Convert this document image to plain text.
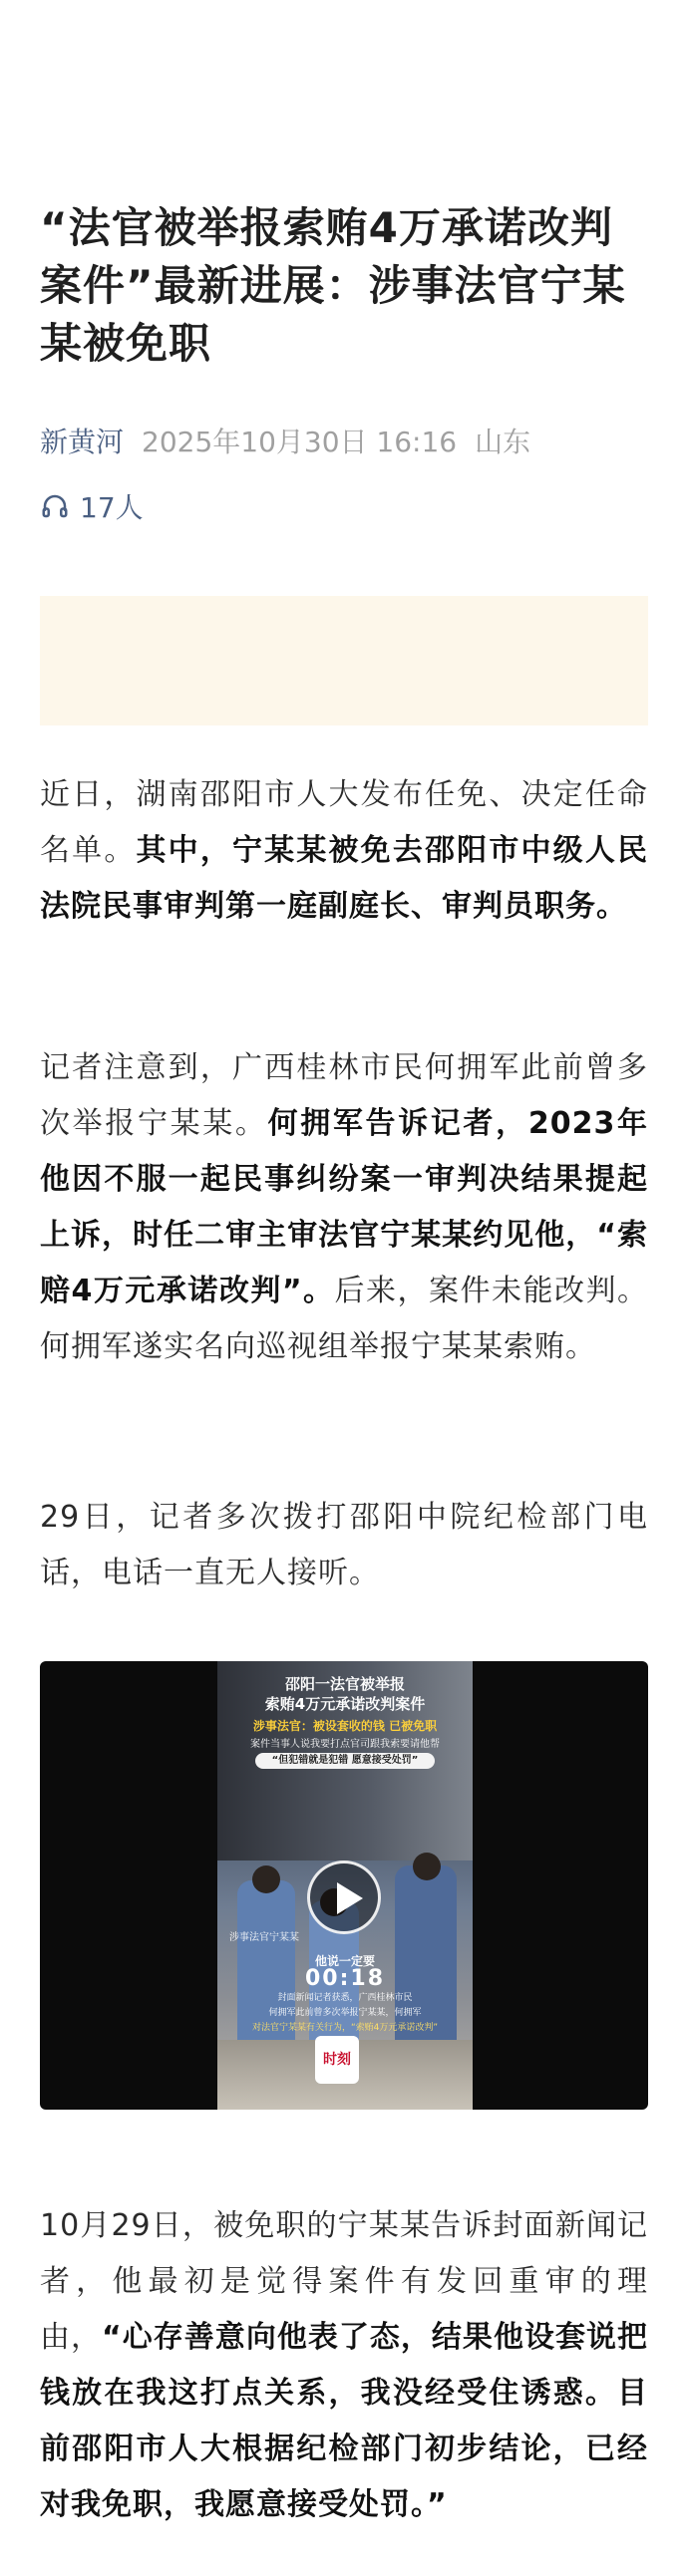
“法官被举报索贿4万承诺改判案件”最新进展：涉事法官宁某某被免职
新黄河 2025年10月30日 16:16 山东
17人

近日，湖南邵阳市人大发布任免、决定任命名单。其中，宁某某被免去邵阳市中级人民法院民事审判第一庭副庭长、审判员职务。

记者注意到，广西桂林市民何拥军此前曾多次举报宁某某。何拥军告诉记者，2023年他因不服一起民事纠纷案一审判决结果提起上诉，时任二审主审法官宁某某约见他，“索赔4万元承诺改判”。后来，案件未能改判。何拥军遂实名向巡视组举报宁某某索贿。

29日，记者多次拨打邵阳中院纪检部门电话，电话一直无人接听。

邵阳一法官被举报
索贿4万元承诺改判案件
涉事法官：被设套收的钱 已被免职
案件当事人说我要打点官司跟我索要请他帮
“但犯错就是犯错 愿意接受处罚”
涉事法官宁某某
他说一定要
00:18
封面新闻记者获悉，广西桂林市民
何拥军此前曾多次举报宁某某，何拥军
对法官宁某某有关行为，“索贿4万元承诺改判”
时刻

10月29日，被免职的宁某某告诉封面新闻记者，他最初是觉得案件有发回重审的理由，“心存善意向他表了态，结果他设套说把钱放在我这打点关系，我没经受住诱惑。目前邵阳市人大根据纪检部门初步结论，已经对我免职，我愿意接受处罚。”
